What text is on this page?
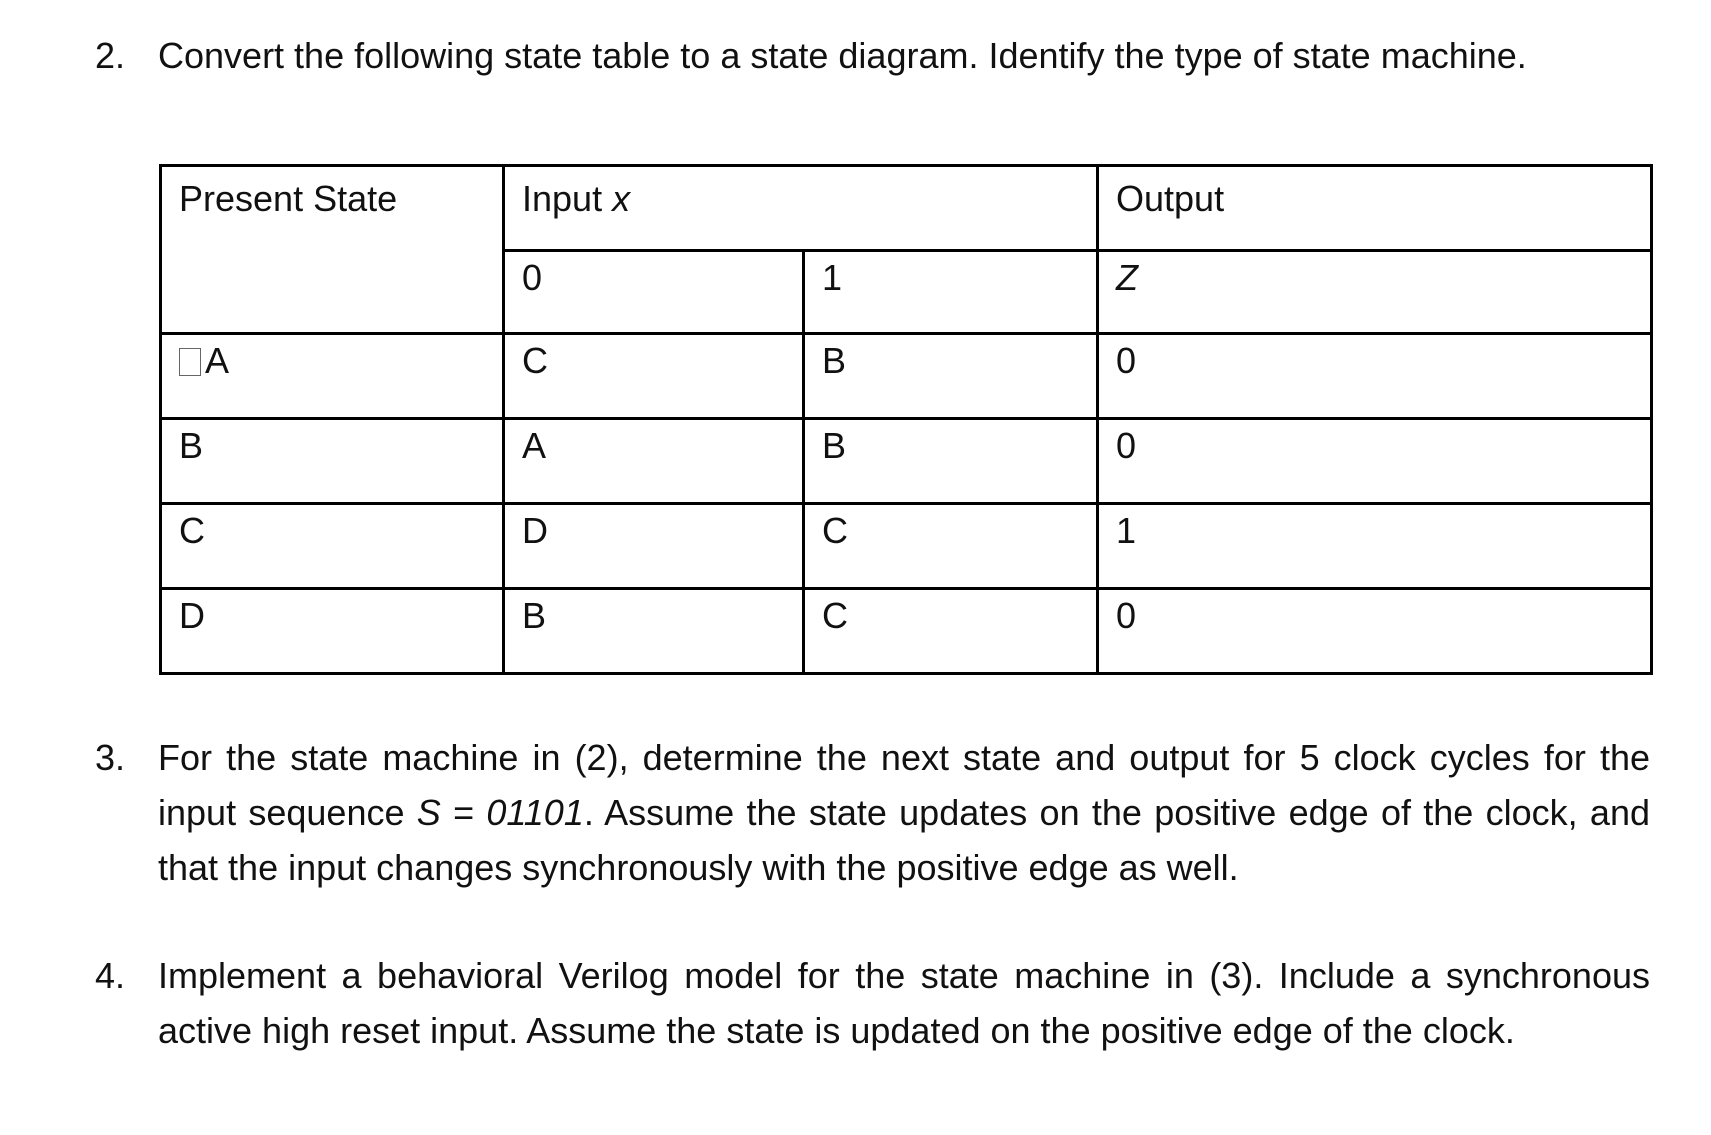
2. Convert the following state table to a state diagram. Identify the type of state machine.
Present State	Input x		Output
	0	1	Z
A	C	B	0
B	A	B	0
C	D	C	1
D	B	C	0
3. For the state machine in (2), determine the next state and output for 5 clock cycles for the input sequence S = 01101. Assume the state updates on the positive edge of the clock, and that the input changes synchronously with the positive edge as well.
4. Implement a behavioral Verilog model for the state machine in (3). Include a synchronous active high reset input. Assume the state is updated on the positive edge of the clock.
